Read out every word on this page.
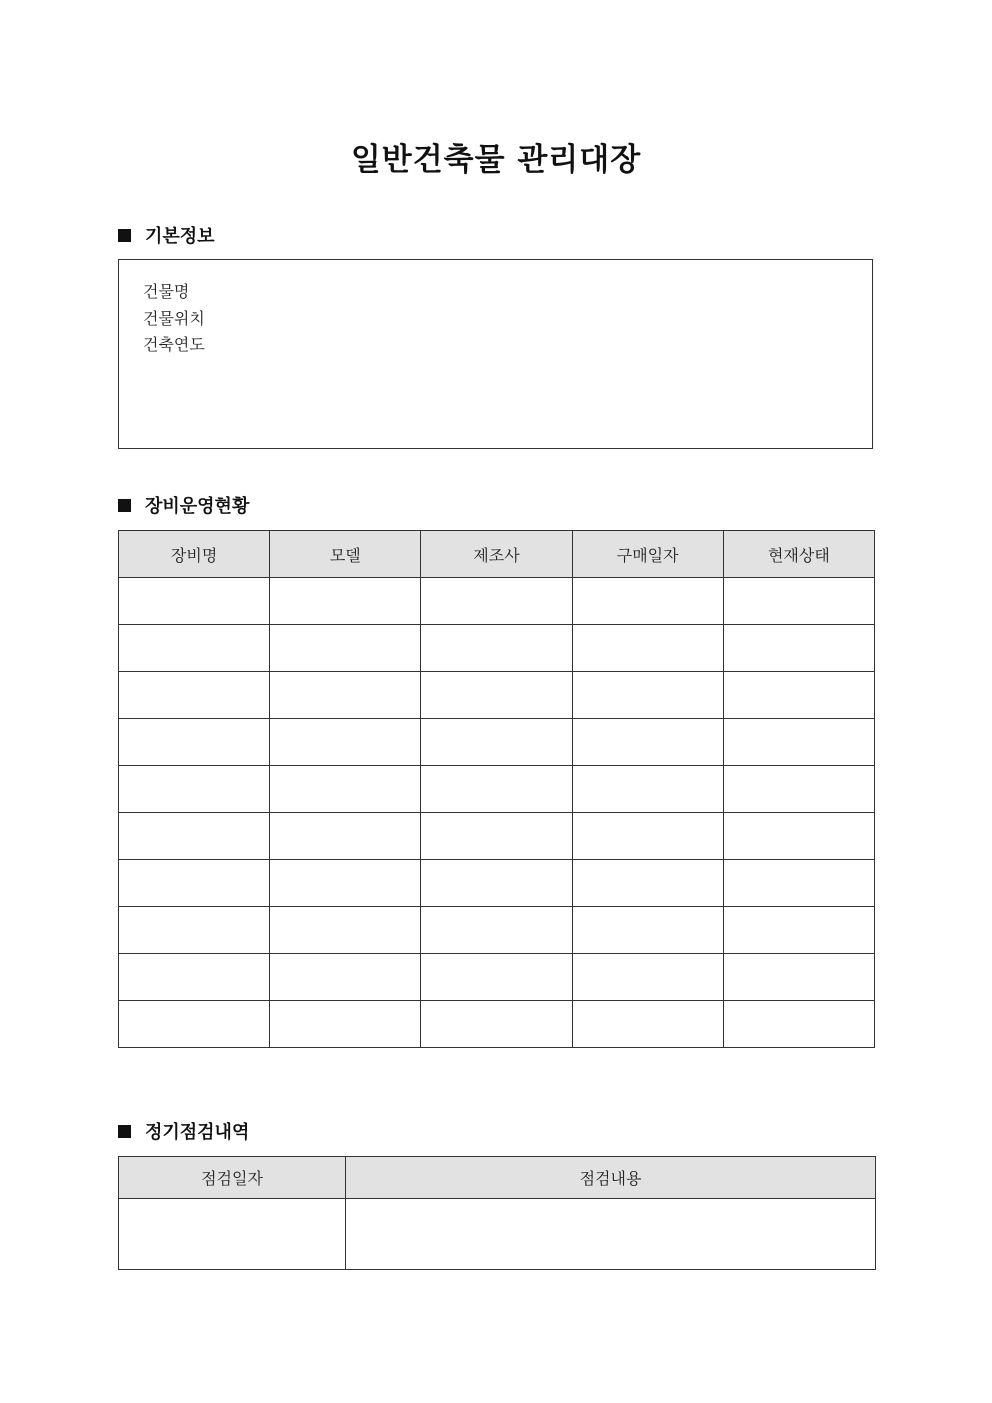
일반건축물 관리대장
기본정보
건물명
건물위치
건축연도
장비운영현황
장비명	모델	제조사	구매일자	현재상태

정기점검내역
점검일자	점검내용
